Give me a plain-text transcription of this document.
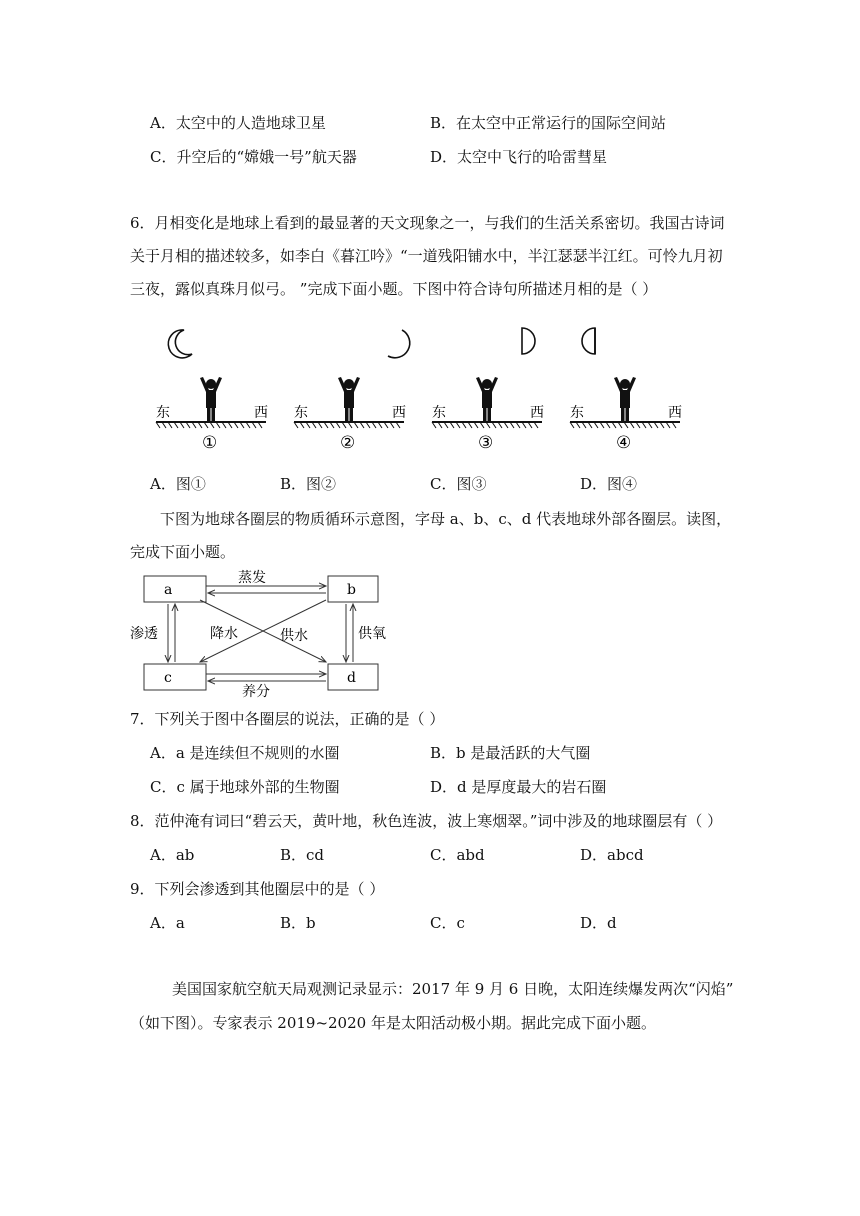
A．太空中的人造地球卫星	B．在太空中正常运行的国际空间站
C．升空后的“嫦娥一号”航天器	D．太空中飞行的哈雷彗星
6．月相变化是地球上看到的最显著的天文现象之一，与我们的生活关系密切。我国古诗词
关于月相的描述较多，如李白《暮江吟》“一道残阳铺水中，半江瑟瑟半江红。可怜九月初
三夜，露似真珠月似弓。 ”完成下面小题。下图中符合诗句所描述月相的是（ ）
东	西 东	西 东	西 东	西
①	②	③	④
A．图①	B．图②	C．图③	D．图④
下图为地球各圈层的物质循环示意图，字母 a、b、c、d 代表地球外部各圈层。读图，
完成下面小题。
a	b
c	d
蒸发
养分
渗透	供氧
降水	供水
7．下列关于图中各圈层的说法，正确的是（ ）
A．a 是连续但不规则的水圈	B．b 是最活跃的大气圈
C．c 属于地球外部的生物圈	D．d 是厚度最大的岩石圈
8．范仲淹有词曰“碧云天，黄叶地，秋色连波，波上寒烟翠。”词中涉及的地球圈层有（ ）
A．ab	B．cd	C．abd	D．abcd
9．下列会渗透到其他圈层中的是（ ）
A．a	B．b	C．c	D．d
美国国家航空航天局观测记录显示：2017 年 9 月 6 日晚，太阳连续爆发两次“闪焰”
（如下图）。专家表示 2019~2020 年是太阳活动极小期。据此完成下面小题。
